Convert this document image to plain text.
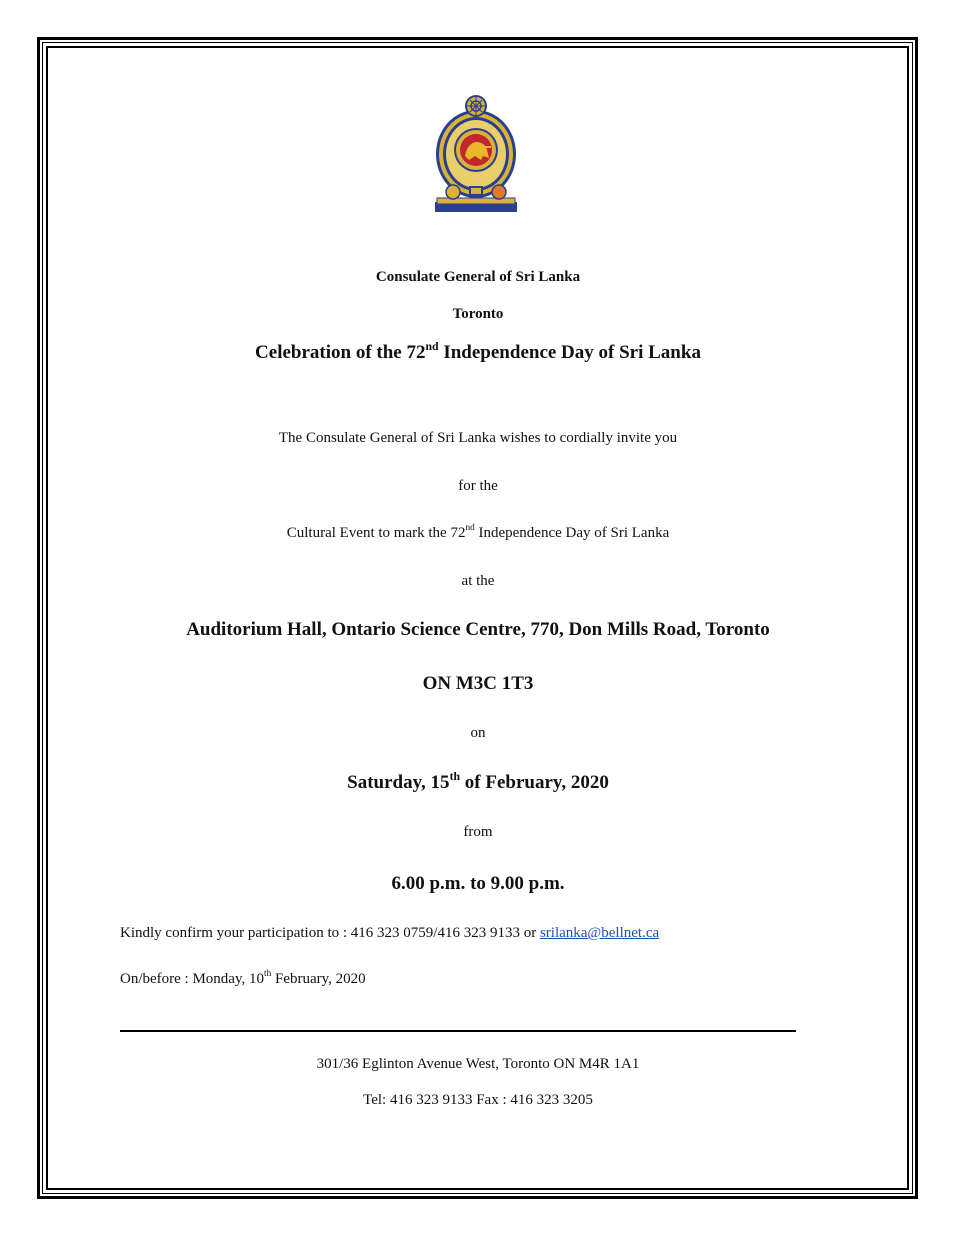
Consulate General of Sri Lanka
Toronto
Celebration of the 72nd Independence Day of Sri Lanka
The Consulate General of Sri Lanka wishes to cordially invite you
for the
Cultural Event to mark the 72nd Independence Day of Sri Lanka
at the
Auditorium Hall, Ontario Science Centre, 770, Don Mills Road, Toronto
ON M3C 1T3
on
Saturday, 15th of February, 2020
from
6.00 p.m. to 9.00 p.m.
Kindly confirm your participation to : 416 323 0759/416 323 9133 or srilanka@bellnet.ca
On/before : Monday, 10th February, 2020
301/36 Eglinton Avenue West, Toronto ON M4R 1A1
Tel: 416 323 9133 Fax : 416 323 3205
